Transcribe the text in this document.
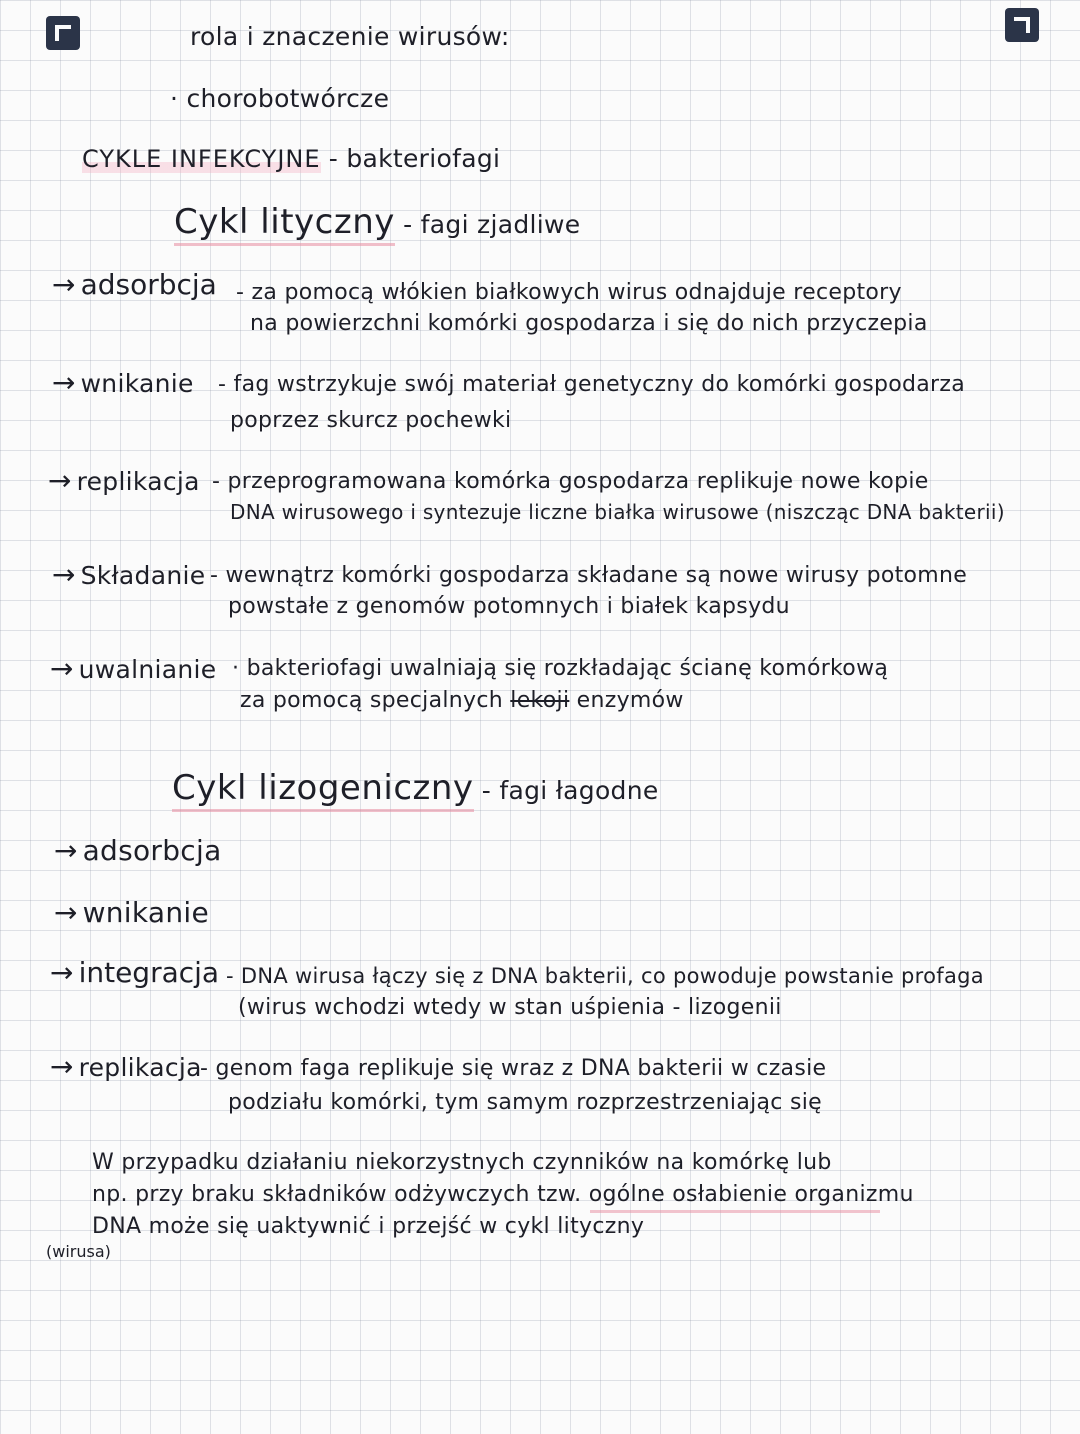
rola i znaczenie wirusów:
· chorobotwórcze
CYKLE INFEKCYJNE - bakteriofagi
Cykl lityczny - fagi zjadliwe
→ adsorbcja - za pomocą włókien białkowych wirus odnajduje receptory
na powierzchni komórki gospodarza i się do nich przyczepia
→ wnikanie - fag wstrzykuje swój materiał genetyczny do komórki gospodarza
poprzez skurcz pochewki
→ replikacja - przeprogramowana komórka gospodarza replikuje nowe kopie
DNA wirusowego i syntezuje liczne białka wirusowe (niszcząc DNA bakterii)
→ Składanie - wewnątrz komórki gospodarza składane są nowe wirusy potomne
powstałe z genomów potomnych i białek kapsydu
→ uwalnianie · bakteriofagi uwalniają się rozkładając ścianę komórkową
za pomocą specjalnych lekoji enzymów
Cykl lizogeniczny - fagi łagodne
→ adsorbcja
→ wnikanie
→ integracja - DNA wirusa łączy się z DNA bakterii, co powoduje powstanie profaga
(wirus wchodzi wtedy w stan uśpienia - lizogenii
→ replikacja
- genom faga replikuje się wraz z DNA bakterii w czasie
podziału komórki, tym samym rozprzestrzeniając się
W przypadku działaniu niekorzystnych czynników na komórkę lub
np. przy braku składników odżywczych tzw. ogólne osłabienie organizmu
DNA może się uaktywnić i przejść w cykl lityczny
(wirusa)
